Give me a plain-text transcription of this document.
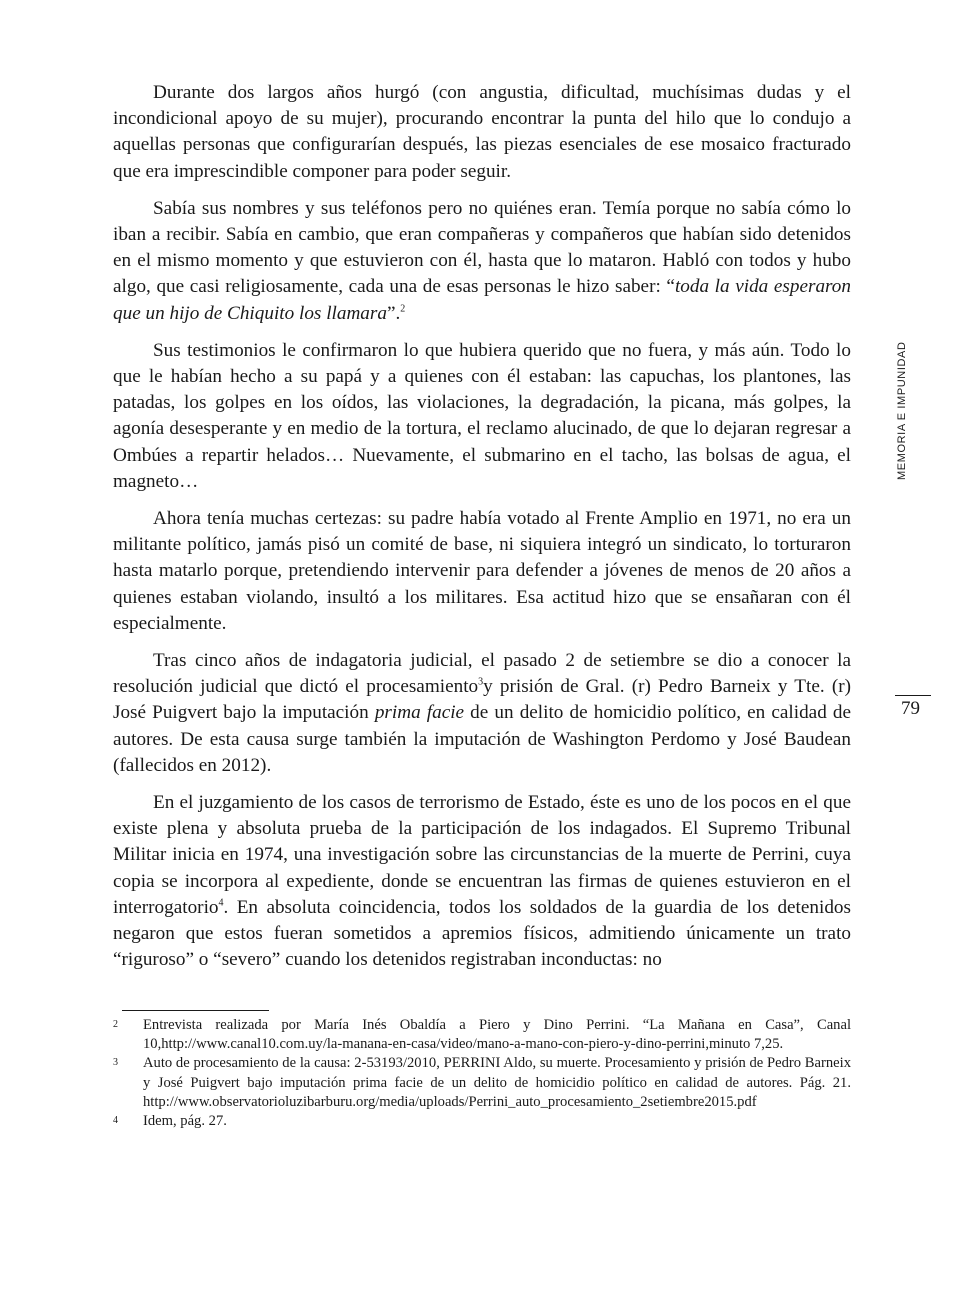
Durante dos largos años hurgó (con angustia, dificultad, muchísimas dudas y el incondicional apoyo de su mujer), procurando encontrar la punta del hilo que lo condujo a aquellas personas que configurarían después, las piezas esenciales de ese mosaico fracturado que era imprescindible componer para poder seguir.

Sabía sus nombres y sus teléfonos pero no quiénes eran. Temía porque no sabía cómo lo iban a recibir. Sabía en cambio, que eran compañeras y compañeros que habían sido detenidos en el mismo momento y que estuvieron con él, hasta que lo mataron. Habló con todos y hubo algo, que casi religiosamente, cada una de esas personas le hizo saber: “toda la vida esperaron que un hijo de Chiquito los llamara”.$^2$

Sus testimonios le confirmaron lo que hubiera querido que no fuera, y más aún. Todo lo que le habían hecho a su papá y a quienes con él estaban: las capuchas, los plantones, las patadas, los golpes en los oídos, las violaciones, la degradación, la picana, más golpes, la agonía desesperante y en medio de la tortura, el reclamo alucinado, de que lo dejaran regresar a Ombúes a repartir helados… Nuevamente, el submarino en el tacho, las bolsas de agua, el magneto…

Ahora tenía muchas certezas: su padre había votado al Frente Amplio en 1971, no era un militante político, jamás pisó un comité de base, ni siquiera integró un sindicato, lo torturaron hasta matarlo porque, pretendiendo intervenir para defender a jóvenes de menos de 20 años a quienes estaban violando, insultó a los militares. Esa actitud hizo que se ensañaran con él especialmente.

Tras cinco años de indagatoria judicial, el pasado 2 de setiembre se dio a conocer la resolución judicial que dictó el procesamiento$^3$y prisión de Gral. (r) Pedro Barneix y Tte. (r) José Puigvert bajo la imputación prima facie de un delito de homicidio político, en calidad de autores. De esta causa surge también la imputación de Washington Perdomo y José Baudean (fallecidos en 2012).

En el juzgamiento de los casos de terrorismo de Estado, éste es uno de los pocos en el que existe plena y absoluta prueba de la participación de los indagados. El Supremo Tribunal Militar inicia en 1974, una investigación sobre las circunstancias de la muerte de Perrini, cuya copia se incorpora al expediente, donde se encuentran las firmas de quienes estuvieron en el interrogatorio$^4$. En absoluta coincidencia, todos los soldados de la guardia de los detenidos negaron que estos fueran sometidos a apremios físicos, admitiendo únicamente un trato “riguroso” o “severo” cuando los detenidos registraban inconductas: no

2	Entrevista realizada por María Inés Obaldía a Piero y Dino Perrini. “La Mañana en Casa”, Canal 10,http://www.canal10.com.uy/la-manana-en-casa/video/mano-a-mano-con-piero-y-dino-perrini,minuto 7,25.
3	Auto de procesamiento de la causa: 2-53193/2010, PERRINI Aldo, su muerte. Procesamiento y prisión de Pedro Barneix y José Puigvert bajo imputación prima facie de un delito de homicidio político en calidad de autores. Pág. 21. http://www.observatorioluzibarburu.org/media/uploads/Perrini_auto_procesamiento_2setiembre2015.pdf
4	Idem, pág. 27.
MEMORIA E IMPUNIDAD
79
